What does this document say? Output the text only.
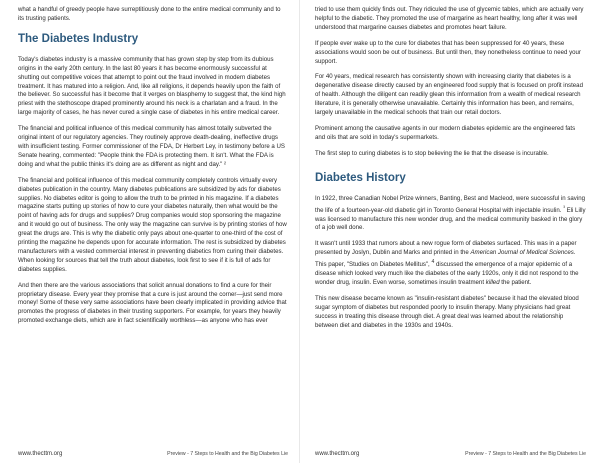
what a handful of greedy people have surreptitiously done to the entire medical community and to its trusting patients.

The Diabetes Industry

Today's diabetes industry is a massive community that has grown step by step from its dubious origins in the early 20th century. In the last 80 years it has become enormously successful at shutting out competitive voices that attempt to point out the fraud involved in modern diabetes treatment. It has matured into a religion. And, like all religions, it depends heavily upon the faith of the believer. So successful has it become that it verges on blasphemy to suggest that, the kind high priest with the stethoscope draped prominently around his neck is a charlatan and a fraud. In the large majority of cases, he has never cured a single case of diabetes in his entire medical career.

The financial and political influence of this medical community has almost totally subverted the original intent of our regulatory agencies. They routinely approve death-dealing, ineffective drugs with insufficient testing. Former commissioner of the FDA, Dr Herbert Ley, in testimony before a US Senate hearing, commented: "People think the FDA is protecting them. It isn't. What the FDA is doing and what the public thinks it's doing are as different as night and day." ²

The financial and political influence of this medical community completely controls virtually every diabetes publication in the country. Many diabetes publications are subsidized by ads for diabetes supplies. No diabetes editor is going to allow the truth to be printed in his magazine. If a diabetes magazine starts putting up stories of how to cure your diabetes naturally, then what would be the point of having ads for drugs and supplies? Drug companies would stop sponsoring the magazine and it would go out of business. The only way the magazine can survive is by printing stories of how great the drugs are. This is why the diabetic only pays about one-quarter to one-third of the cost of printing the magazine he depends upon for accurate information. The rest is subsidized by diabetes manufacturers with a vested commercial interest in preventing diabetics from curing their diabetes. When looking for sources that tell the truth about diabetes, look first to see if it is full of ads for diabetes supplies.

And then there are the various associations that solicit annual donations to find a cure for their proprietary disease. Every year they promise that a cure is just around the corner—just send more money! Some of these very same associations have been clearly implicated in providing advice that promotes the progress of diabetes in their trusting supporters. For example, for years they heavily promoted exchange diets, which are in fact scientifically worthless—as anyone who has ever

www.thecttm.org	Preview - 7 Steps to Health and the Big Diabetes Lie

tried to use them quickly finds out. They ridiculed the use of glycemic tables, which are actually very helpful to the diabetic. They promoted the use of margarine as heart healthy, long after it was well understood that margarine causes diabetes and promotes heart failure.

If people ever wake up to the cure for diabetes that has been suppressed for 40 years, these associations would soon be out of business. But until then, they nonetheless continue to need your support.

For 40 years, medical research has consistently shown with increasing clarity that diabetes is a degenerative disease directly caused by an engineered food supply that is focused on profit instead of health. Although the diligent can readily glean this information from a wealth of medical research literature, it is generally otherwise unavailable. Certainly this information has been, and remains, largely unavailable in the medical schools that train our retail doctors.

Prominent among the causative agents in our modern diabetes epidemic are the engineered fats and oils that are sold in today's supermarkets.

The first step to curing diabetes is to stop believing the lie that the disease is incurable.

Diabetes History

In 1922, three Canadian Nobel Prize winners, Banting, Best and Macleod, were successful in saving the life of a fourteen-year-old diabetic girl in Toronto General Hospital with injectable insulin. $^{^3}$ Eli Lilly was licensed to manufacture this new wonder drug, and the medical community basked in the glory of a job well done.

It wasn't until 1933 that rumors about a new rogue form of diabetes surfaced. This was in a paper presented by Joslyn, Dublin and Marks and printed in the American Journal of Medical Sciences. This paper, "Studies on Diabetes Mellitus", $^4$ discussed the emergence of a major epidemic of a disease which looked very much like the diabetes of the early 1920s, only it did not respond to the wonder drug, insulin. Even worse, sometimes insulin treatment killed the patient.

This new disease became known as "insulin-resistant diabetes" because it had the elevated blood sugar symptom of diabetes but responded poorly to insulin therapy. Many physicians had great success in treating this disease through diet. A great deal was learned about the relationship between diet and diabetes in the 1930s and 1940s.

www.thecttm.org	Preview - 7 Steps to Health and the Big Diabetes Lie
